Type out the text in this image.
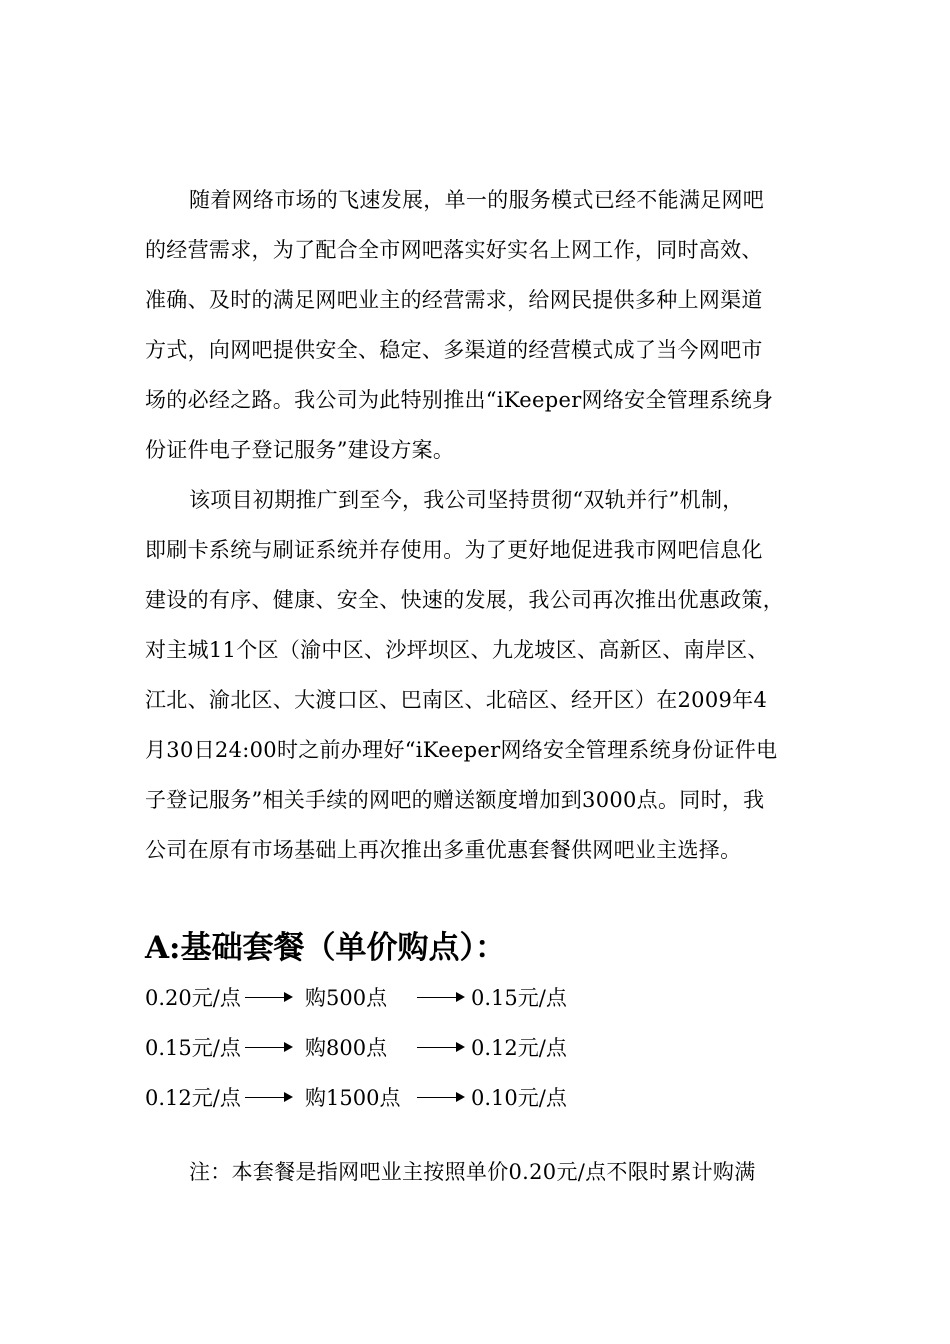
随着网络市场的飞速发展，单一的服务模式已经不能满足网吧
的经营需求，为了配合全市网吧落实好实名上网工作，同时高效、
准确、及时的满足网吧业主的经营需求，给网民提供多种上网渠道
方式，向网吧提供安全、稳定、多渠道的经营模式成了当今网吧市
场的必经之路。我公司为此特别推出“iKeeper网络安全管理系统身
份证件电子登记服务”建设方案。
该项目初期推广到至今，我公司坚持贯彻“双轨并行”机制，
即刷卡系统与刷证系统并存使用。为了更好地促进我市网吧信息化
建设的有序、健康、安全、快速的发展，我公司再次推出优惠政策，
对主城11个区（渝中区、沙坪坝区、九龙坡区、高新区、南岸区、
江北、渝北区、大渡口区、巴南区、北碚区、经开区）在2009年4
月30日24:00时之前办理好“iKeeper网络安全管理系统身份证件电
子登记服务”相关手续的网吧的赠送额度增加到3000点。同时，我
公司在原有市场基础上再次推出多重优惠套餐供网吧业主选择。
A:基础套餐（单价购点）：
0.20元/点	购500点	0.15元/点
0.15元/点	购800点	0.12元/点
0.12元/点	购1500点	0.10元/点
注：本套餐是指网吧业主按照单价0.20元/点不限时累计购满
